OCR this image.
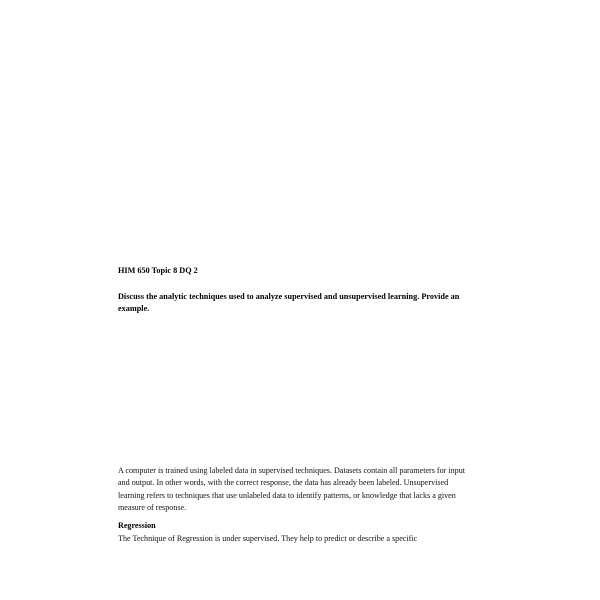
HIM 650 Topic 8 DQ 2
Discuss the analytic techniques used to analyze supervised and unsupervised learning. Provide an example.
A computer is trained using labeled data in supervised techniques. Datasets contain all parameters for input and output. In other words, with the correct response, the data has already been labeled. Unsupervised learning refers to techniques that use unlabeled data to identify patterns, or knowledge that lacks a given measure of response.
Regression
The Technique of Regression is under supervised. They help to predict or describe a specific
